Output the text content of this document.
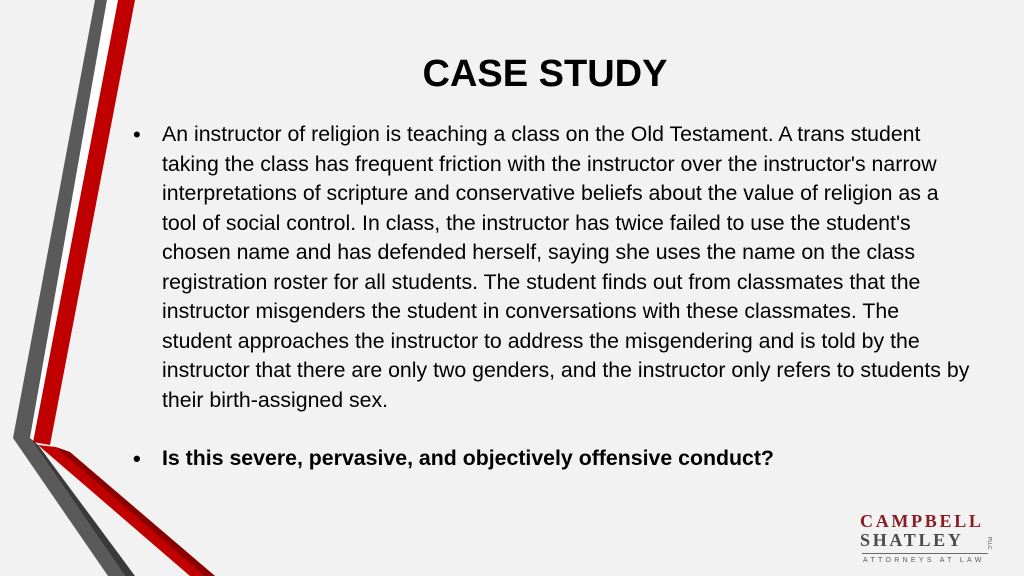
CASE STUDY
• An instructor of religion is teaching a class on the Old Testament. A trans student taking the class has frequent friction with the instructor over the instructor's narrow interpretations of scripture and conservative beliefs about the value of religion as a tool of social control. In class, the instructor has twice failed to use the student's chosen name and has defended herself, saying she uses the name on the class registration roster for all students. The student finds out from classmates that the instructor misgenders the student in conversations with these classmates. The student approaches the instructor to address the misgendering and is told by the instructor that there are only two genders, and the instructor only refers to students by their birth-assigned sex.
• Is this severe, pervasive, and objectively offensive conduct?
CAMPBELL
SHATLEY	PLLC
ATTORNEYS AT LAW
